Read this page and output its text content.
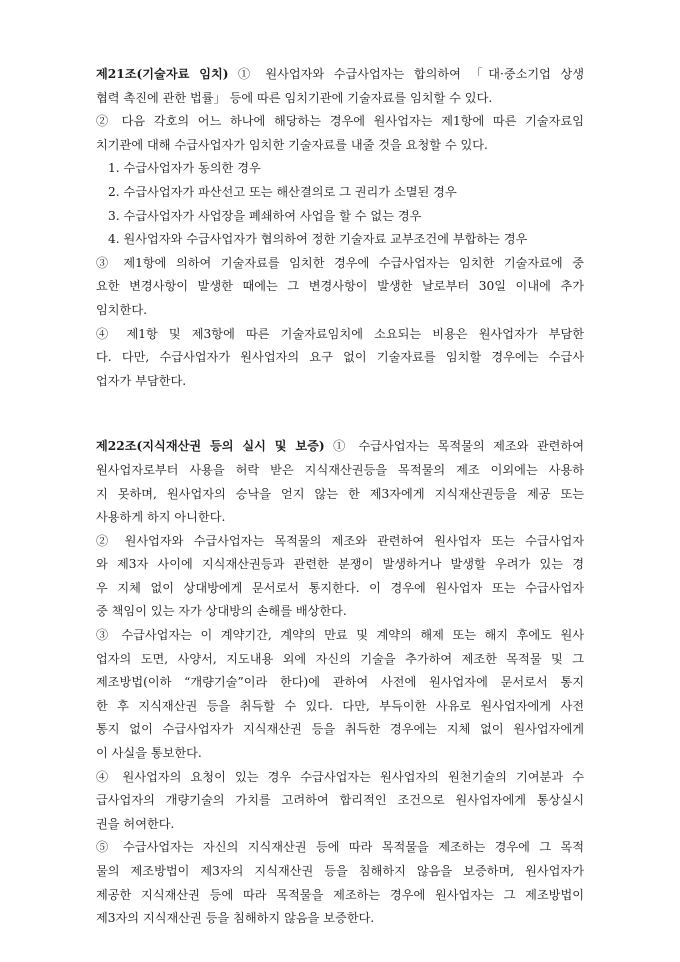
제21조(기술자료 임치) ① 원사업자와 수급사업자는 합의하여 「대·중소기업 상생
협력 촉진에 관한 법률」 등에 따른 임치기관에 기술자료를 임치할 수 있다.
② 다음 각호의 어느 하나에 해당하는 경우에 원사업자는 제1항에 따른 기술자료임
치기관에 대해 수급사업자가 임치한 기술자료를 내줄 것을 요청할 수 있다.
1. 수급사업자가 동의한 경우
2. 수급사업자가 파산선고 또는 해산결의로 그 권리가 소멸된 경우
3. 수급사업자가 사업장을 폐쇄하여 사업을 할 수 없는 경우
4. 원사업자와 수급사업자가 협의하여 정한 기술자료 교부조건에 부합하는 경우
③ 제1항에 의하여 기술자료를 임치한 경우에 수급사업자는 임치한 기술자료에 중
요한 변경사항이 발생한 때에는 그 변경사항이 발생한 날로부터 30일 이내에 추가
임치한다.
④ 제1항 및 제3항에 따른 기술자료임치에 소요되는 비용은 원사업자가 부담한
다. 다만, 수급사업자가 원사업자의 요구 없이 기술자료를 임치할 경우에는 수급사
업자가 부담한다.
제22조(지식재산권 등의 실시 및 보증) ① 수급사업자는 목적물의 제조와 관련하여
원사업자로부터 사용을 허락 받은 지식재산권등을 목적물의 제조 이외에는 사용하
지 못하며, 원사업자의 승낙을 얻지 않는 한 제3자에게 지식재산권등을 제공 또는
사용하게 하지 아니한다.
② 원사업자와 수급사업자는 목적물의 제조와 관련하여 원사업자 또는 수급사업자
와 제3자 사이에 지식재산권등과 관련한 분쟁이 발생하거나 발생할 우려가 있는 경
우 지체 없이 상대방에게 문서로서 통지한다. 이 경우에 원사업자 또는 수급사업자
중 책임이 있는 자가 상대방의 손해를 배상한다.
③ 수급사업자는 이 계약기간, 계약의 만료 및 계약의 해제 또는 해지 후에도 원사
업자의 도면, 사양서, 지도내용 외에 자신의 기술을 추가하여 제조한 목적물 및 그
제조방법(이하 “개량기술”이라 한다)에 관하여 사전에 원사업자에 문서로서 통지
한 후 지식재산권 등을 취득할 수 있다. 다만, 부득이한 사유로 원사업자에게 사전
통지 없이 수급사업자가 지식재산권 등을 취득한 경우에는 지체 없이 원사업자에게
이 사실을 통보한다.
④ 원사업자의 요청이 있는 경우 수급사업자는 원사업자의 원천기술의 기여분과 수
급사업자의 개량기술의 가치를 고려하여 합리적인 조건으로 원사업자에게 통상실시
권을 허여한다.
⑤ 수급사업자는 자신의 지식재산권 등에 따라 목적물을 제조하는 경우에 그 목적
물의 제조방법이 제3자의 지식재산권 등을 침해하지 않음을 보증하며, 원사업자가
제공한 지식재산권 등에 따라 목적물을 제조하는 경우에 원사업자는 그 제조방법이
제3자의 지식재산권 등을 침해하지 않음을 보증한다.
